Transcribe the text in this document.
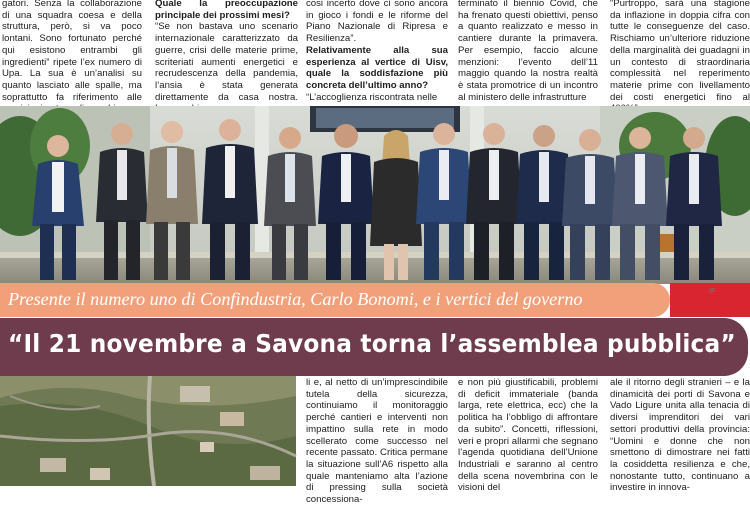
gatori. Senza la collaborazione di una squadra coesa e della struttura, però, si va poco lontani. Sono fortunato perché qui esistono entrambi gli ingredienti” ripete l’ex numero di Upa. La sua è un’analisi su quanto lasciato alle spalle, ma soprattutto fa riferimento alle

Quale la preoccupazione principale dei prossimi mesi?

“Se non bastava uno scenario internazionale caratterizzato da guerre, crisi delle materie prime, scriteriati aumenti energetici e recrudescenza della pandemia, l’ansia è stata generata direttamente da casa nostra.

cosi incerto dove ci sono ancora in gioco i fondi e le riforme del Piano Nazionale di Ripresa e Resilienza”.

Relativamente alla sua esperienza al vertice di Uisv, quale la soddisfazione più concreta dell’ultimo anno?

“L’accoglienza riscontrata nelle

terminato il biennio Covid, che ha frenato questi obiettivi, penso a quanto realizzato e messo in cantiere durante la primavera. Per esempio, faccio alcune menzioni: l’evento dell’11 maggio quando la nostra realtà è stata promotrice di un incontro al ministero delle infrastrutture

“Purtroppo, sarà una stagione da inflazione in doppia cifra con tutte le conseguenze del caso. Rischiamo un’ulteriore riduzione della marginalità dei guadagni in un contesto di straordinaria complessità nel reperimento materie prime con livellamento dei costi energetici fino al

Presente il numero uno di Confindustria, Carlo Bonomi, e i vertici del governo	IF
“Il 21 novembre a Savona torna l’assemblea pubblica”

li e, al netto di un’imprescindibile tutela della sicurezza, continuiamo il monitoraggio perché cantieri e interventi non impattino sulla rete in modo scellerato come successo nel recente passato. Critica permane la situazione sull’A6 rispetto alla quale manteniamo alta l’azione di pressing sulla società concessiona-

e non più giustificabili, problemi di deficit immateriale (banda larga, rete elettrica, ecc) che la politica ha l’obbligo di affrontare da subito”. Concetti, riflessioni, veri e propri allarmi che segnano l’agenda quotidiana dell’Unione Industriali e saranno al centro della scena novembrina con le visioni del

ale il ritorno degli stranieri – e la dinamicità dei porti di Savona e Vado Ligure unita alla tenacia di diversi imprenditori dei vari settori produttivi della provincia: “Uomini e donne che non smettono di dimostrare nei fatti la cosiddetta resilienza e che, nonostante tutto, continuano a investire in innova-
